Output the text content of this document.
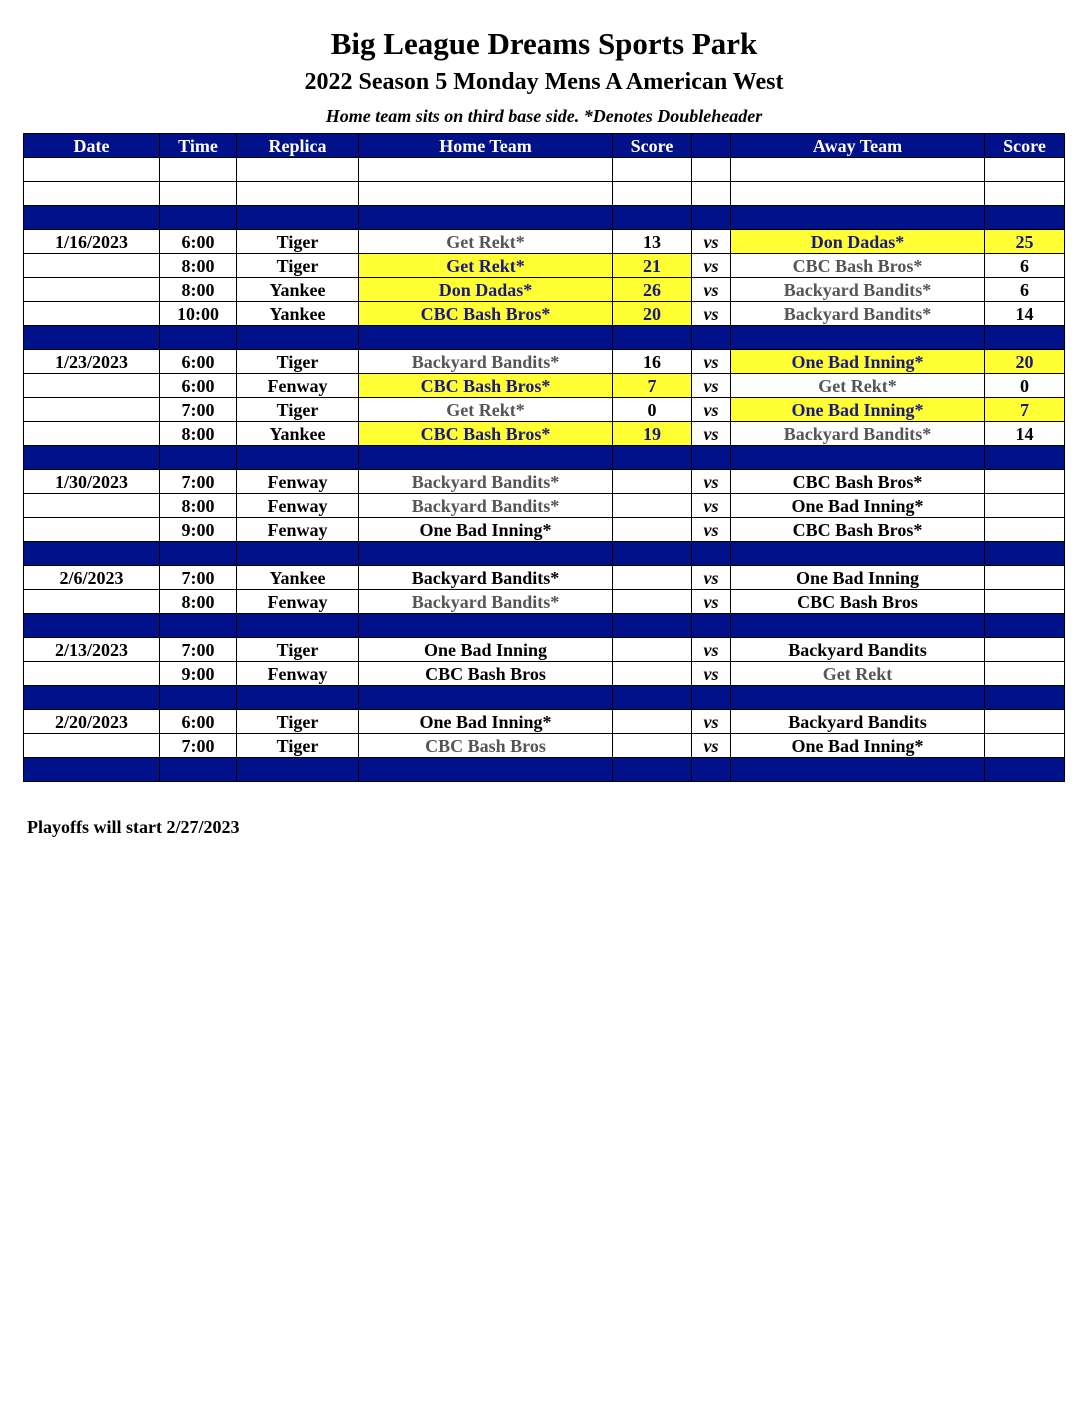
Big League Dreams Sports Park
2022 Season 5 Monday Mens A American West
Home team sits on third base side. *Denotes Doubleheader
Date	Time	Replica	Home Team	Score		Away Team	Score

1/16/2023	6:00	Tiger	Get Rekt*	13	vs	Don Dadas*	25
	8:00	Tiger	Get Rekt*	21	vs	CBC Bash Bros*	6
	8:00	Yankee	Don Dadas*	26	vs	Backyard Bandits*	6
	10:00	Yankee	CBC Bash Bros*	20	vs	Backyard Bandits*	14

1/23/2023	6:00	Tiger	Backyard Bandits*	16	vs	One Bad Inning*	20
	6:00	Fenway	CBC Bash Bros*	7	vs	Get Rekt*	0
	7:00	Tiger	Get Rekt*	0	vs	One Bad Inning*	7
	8:00	Yankee	CBC Bash Bros*	19	vs	Backyard Bandits*	14

1/30/2023	7:00	Fenway	Backyard Bandits*		vs	CBC Bash Bros*	
	8:00	Fenway	Backyard Bandits*		vs	One Bad Inning*	
	9:00	Fenway	One Bad Inning*		vs	CBC Bash Bros*	

2/6/2023	7:00	Yankee	Backyard Bandits*		vs	One Bad Inning	
	8:00	Fenway	Backyard Bandits*		vs	CBC Bash Bros	

2/13/2023	7:00	Tiger	One Bad Inning		vs	Backyard Bandits	
	9:00	Fenway	CBC Bash Bros		vs	Get Rekt	

2/20/2023	6:00	Tiger	One Bad Inning*		vs	Backyard Bandits	
	7:00	Tiger	CBC Bash Bros		vs	One Bad Inning*	

Playoffs will start 2/27/2023
